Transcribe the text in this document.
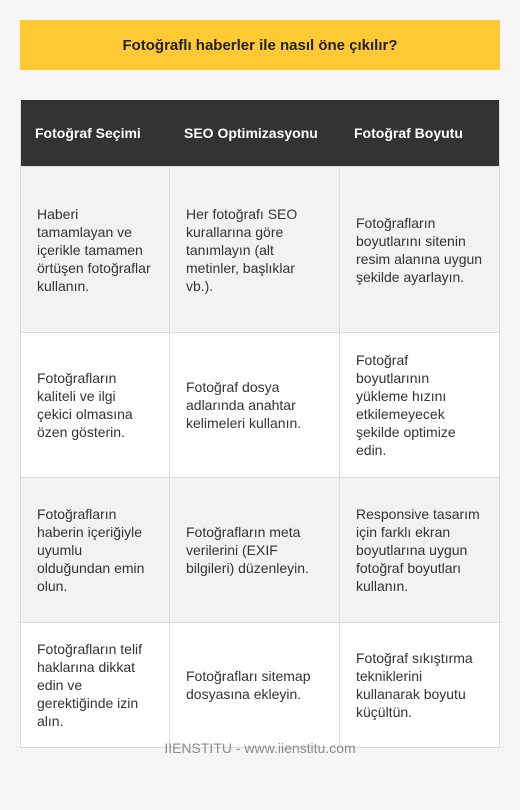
Fotoğraflı haberler ile nasıl öne çıkılır?
Fotoğraf Seçimi	SEO Optimizasyonu	Fotoğraf Boyutu
Haberi tamamlayan ve içerikle tamamen örtüşen fotoğraflar kullanın.
Her fotoğrafı SEO kurallarına göre tanımlayın (alt metinler, başlıklar vb.).
Fotoğrafların boyutlarını sitenin resim alanına uygun şekilde ayarlayın.
Fotoğrafların kaliteli ve ilgi çekici olmasına özen gösterin.
Fotoğraf dosya adlarında anahtar kelimeleri kullanın.
Fotoğraf boyutlarının yükleme hızını etkilemeyecek şekilde optimize edin.
Fotoğrafların haberin içeriğiyle uyumlu olduğundan emin olun.
Fotoğrafların meta verilerini (EXIF bilgileri) düzenleyin.
Responsive tasarım için farklı ekran boyutlarına uygun fotoğraf boyutları kullanın.
Fotoğrafların telif haklarına dikkat edin ve gerektiğinde izin alın.
Fotoğrafları sitemap dosyasına ekleyin.
Fotoğraf sıkıştırma tekniklerini kullanarak boyutu küçültün.
IIENSTITU - www.iienstitu.com
